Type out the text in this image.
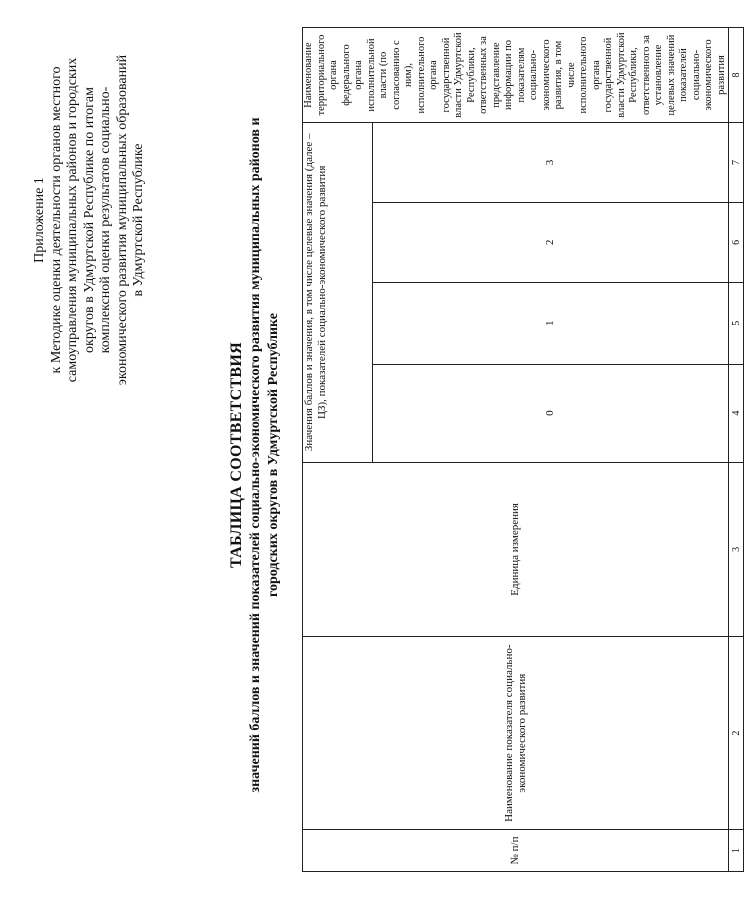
Приложение 1 к Методике оценки деятельности органов местного самоуправления муниципальных районов и городских округов в Удмуртской Республике по итогам комплексной оценки результатов социально- экономического развития муниципальных образований в Удмуртской Республике
ТАБЛИЦА СООТВЕТСТВИЯ значений баллов и значений показателей социально-экономического развития муниципальных районов и городских округов в Удмуртской Республике
№ п/п	Наименование показателя социально-экономического развития	Единица измерения	Значения баллов и значения, в том числе целевые значения (далее – ЦЗ), показателей социально-экономического развития				Наименование территориального органа федерального органа исполнительной власти (по согласованию с ним), исполнительного органа государственной власти Удмуртской Республики, ответственных за представление информации по показателям социально-экономического развития, в том числе исполнительного органа государственной власти Удмуртской Республики, ответственного за установление целевых значений показателей социально-экономического развития

			0	1	2	3	
1	2	3	4	5	6	7	8
